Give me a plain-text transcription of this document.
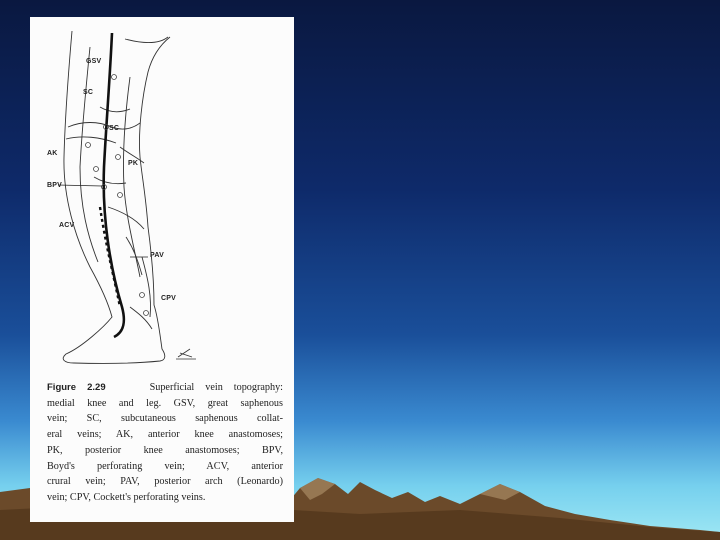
GSV
SC
SC
AK
PK
BPV
ACV
PAV
CPV
Figure 2.29	Superficial vein topography:
medial knee and leg. GSV, great saphenous
vein; SC, subcutaneous saphenous collat-
eral veins; AK, anterior knee anastomoses;
PK, posterior knee anastomoses; BPV,
Boyd's perforating vein; ACV, anterior
crural vein; PAV, posterior arch (Leonardo)
vein; CPV, Cockett's perforating veins.
